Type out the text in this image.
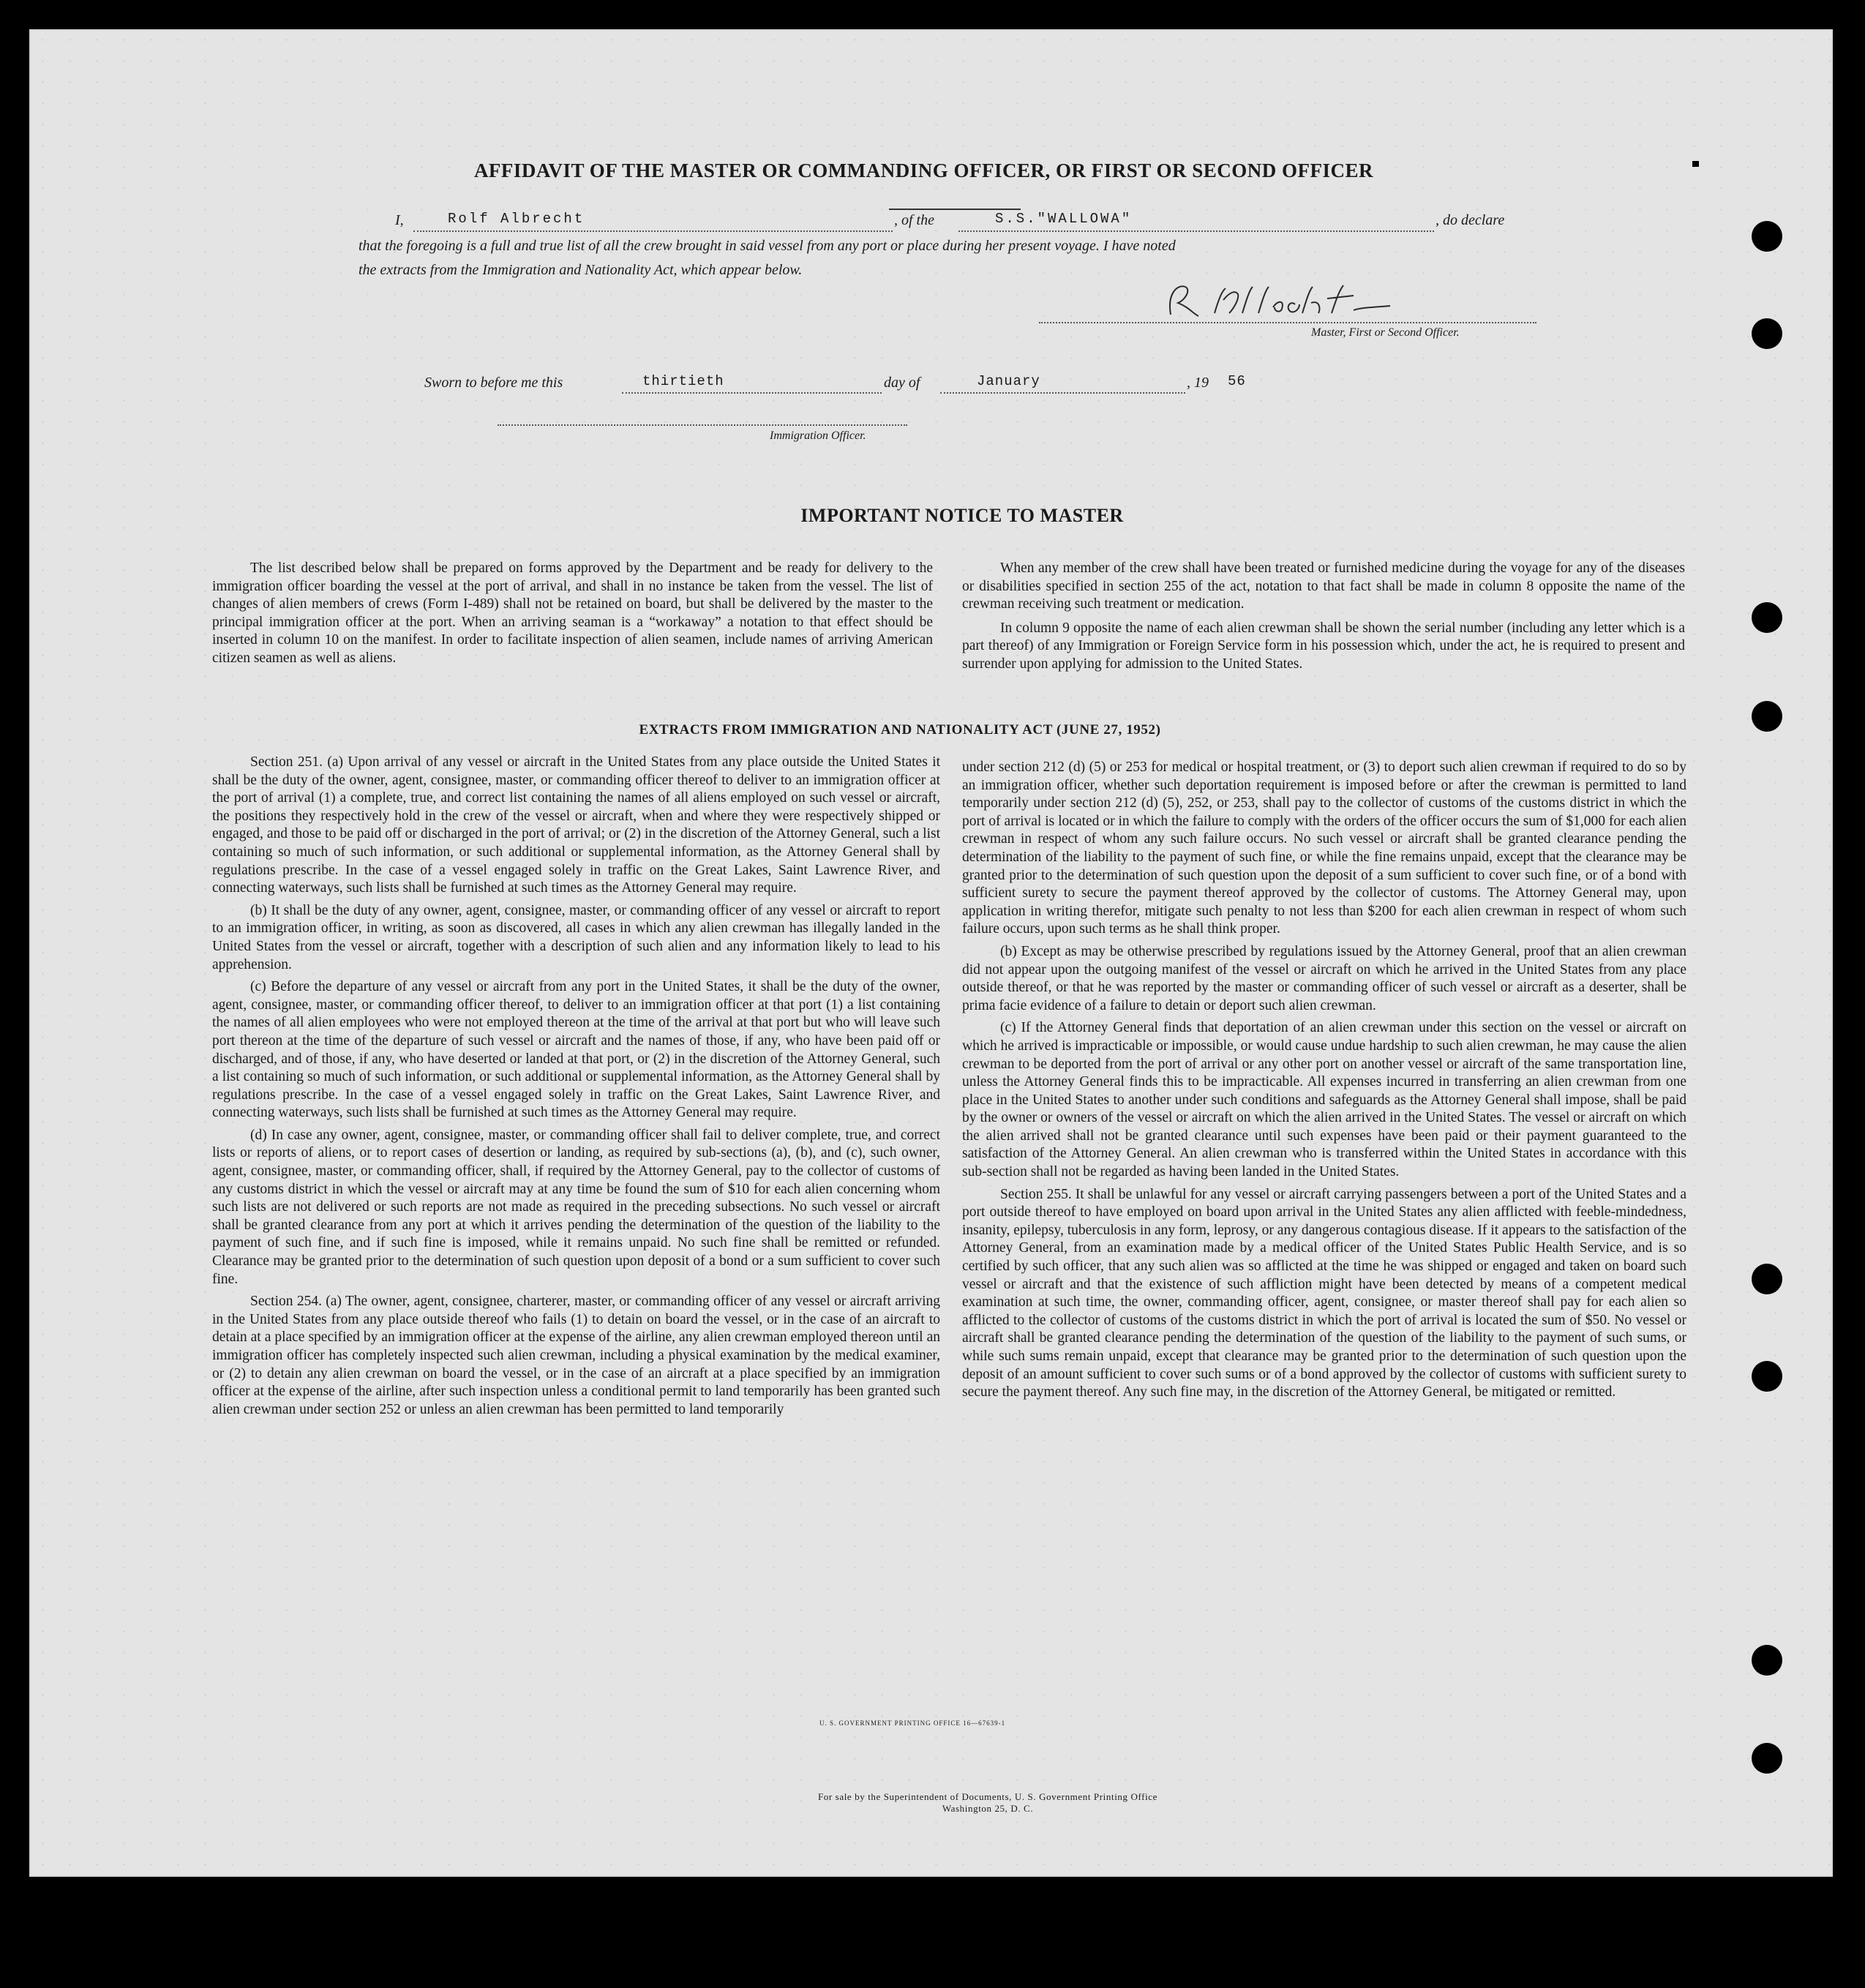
AFFIDAVIT OF THE MASTER OR COMMANDING OFFICER, OR FIRST OR SECOND OFFICER
I,	Rolf Albrecht	, of the	S.S."WALLOWA"	, do declare
that the foregoing is a full and true list of all the crew brought in said vessel from any port or place during her present voyage. I have noted
the extracts from the Immigration and Nationality Act, which appear below.
Master, First or Second Officer.
Sworn to before me this	thirtieth	day of	January	, 19 56
Immigration Officer.
IMPORTANT NOTICE TO MASTER

The list described below shall be prepared on forms approved by the Department and be ready for delivery to the immigration officer boarding the vessel at the port of arrival, and shall in no instance be taken from the vessel. The list of changes of alien members of crews (Form I-489) shall not be retained on board, but shall be delivered by the master to the principal immigration officer at the port. When an arriving seaman is a “workaway” a notation to that effect should be inserted in column 10 on the manifest. In order to facilitate inspection of alien seamen, include names of arriving American citizen seamen as well as aliens.

When any member of the crew shall have been treated or furnished medicine during the voyage for any of the diseases or disabilities specified in section 255 of the act, notation to that fact shall be made in column 8 opposite the name of the crewman receiving such treatment or medication.

In column 9 opposite the name of each alien crewman shall be shown the serial number (including any letter which is a part thereof) of any Immigration or Foreign Service form in his possession which, under the act, he is required to present and surrender upon applying for admission to the United States.

EXTRACTS FROM IMMIGRATION AND NATIONALITY ACT (JUNE 27, 1952)

Section 251. (a) Upon arrival of any vessel or aircraft in the United States from any place outside the United States it shall be the duty of the owner, agent, consignee, master, or commanding officer thereof to deliver to an immigration officer at the port of arrival (1) a complete, true, and correct list containing the names of all aliens employed on such vessel or aircraft, the positions they respectively hold in the crew of the vessel or aircraft, when and where they were respectively shipped or engaged, and those to be paid off or discharged in the port of arrival; or (2) in the discretion of the Attorney General, such a list containing so much of such information, or such additional or supplemental information, as the Attorney General shall by regulations prescribe. In the case of a vessel engaged solely in traffic on the Great Lakes, Saint Lawrence River, and connecting waterways, such lists shall be furnished at such times as the Attorney General may require.

(b) It shall be the duty of any owner, agent, consignee, master, or commanding officer of any vessel or aircraft to report to an immigration officer, in writing, as soon as discovered, all cases in which any alien crewman has illegally landed in the United States from the vessel or aircraft, together with a description of such alien and any information likely to lead to his apprehension.

(c) Before the departure of any vessel or aircraft from any port in the United States, it shall be the duty of the owner, agent, consignee, master, or commanding officer thereof, to deliver to an immigration officer at that port (1) a list containing the names of all alien employees who were not employed thereon at the time of the arrival at that port but who will leave such port thereon at the time of the departure of such vessel or aircraft and the names of those, if any, who have been paid off or discharged, and of those, if any, who have deserted or landed at that port, or (2) in the discretion of the Attorney General, such a list containing so much of such information, or such additional or supplemental information, as the Attorney General shall by regulations prescribe. In the case of a vessel engaged solely in traffic on the Great Lakes, Saint Lawrence River, and connecting waterways, such lists shall be furnished at such times as the Attorney General may require.

(d) In case any owner, agent, consignee, master, or commanding officer shall fail to deliver complete, true, and correct lists or reports of aliens, or to report cases of desertion or landing, as required by sub-sections (a), (b), and (c), such owner, agent, consignee, master, or commanding officer, shall, if required by the Attorney General, pay to the collector of customs of any customs district in which the vessel or aircraft may at any time be found the sum of $10 for each alien concerning whom such lists are not delivered or such reports are not made as required in the preceding subsections. No such vessel or aircraft shall be granted clearance from any port at which it arrives pending the determination of the question of the liability to the payment of such fine, and if such fine is imposed, while it remains unpaid. No such fine shall be remitted or refunded. Clearance may be granted prior to the determination of such question upon deposit of a bond or a sum sufficient to cover such fine.

Section 254. (a) The owner, agent, consignee, charterer, master, or commanding officer of any vessel or aircraft arriving in the United States from any place outside thereof who fails (1) to detain on board the vessel, or in the case of an aircraft to detain at a place specified by an immigration officer at the expense of the airline, any alien crewman employed thereon until an immigration officer has completely inspected such alien crewman, including a physical examination by the medical examiner, or (2) to detain any alien crewman on board the vessel, or in the case of an aircraft at a place specified by an immigration officer at the expense of the airline, after such inspection unless a conditional permit to land temporarily has been granted such alien crewman under section 252 or unless an alien crewman has been permitted to land temporarily

under section 212 (d) (5) or 253 for medical or hospital treatment, or (3) to deport such alien crewman if required to do so by an immigration officer, whether such deportation requirement is imposed before or after the crewman is permitted to land temporarily under section 212 (d) (5), 252, or 253, shall pay to the collector of customs of the customs district in which the port of arrival is located or in which the failure to comply with the orders of the officer occurs the sum of $1,000 for each alien crewman in respect of whom any such failure occurs. No such vessel or aircraft shall be granted clearance pending the determination of the liability to the payment of such fine, or while the fine remains unpaid, except that the clearance may be granted prior to the determination of such question upon the deposit of a sum sufficient to cover such fine, or of a bond with sufficient surety to secure the payment thereof approved by the collector of customs. The Attorney General may, upon application in writing therefor, mitigate such penalty to not less than $200 for each alien crewman in respect of whom such failure occurs, upon such terms as he shall think proper.

(b) Except as may be otherwise prescribed by regulations issued by the Attorney General, proof that an alien crewman did not appear upon the outgoing manifest of the vessel or aircraft on which he arrived in the United States from any place outside thereof, or that he was reported by the master or commanding officer of such vessel or aircraft as a deserter, shall be prima facie evidence of a failure to detain or deport such alien crewman.

(c) If the Attorney General finds that deportation of an alien crewman under this section on the vessel or aircraft on which he arrived is impracticable or impossible, or would cause undue hardship to such alien crewman, he may cause the alien crewman to be deported from the port of arrival or any other port on another vessel or aircraft of the same transportation line, unless the Attorney General finds this to be impracticable. All expenses incurred in transferring an alien crewman from one place in the United States to another under such conditions and safeguards as the Attorney General shall impose, shall be paid by the owner or owners of the vessel or aircraft on which the alien arrived in the United States. The vessel or aircraft on which the alien arrived shall not be granted clearance until such expenses have been paid or their payment guaranteed to the satisfaction of the Attorney General. An alien crewman who is transferred within the United States in accordance with this sub-section shall not be regarded as having been landed in the United States.

Section 255. It shall be unlawful for any vessel or aircraft carrying passengers between a port of the United States and a port outside thereof to have employed on board upon arrival in the United States any alien afflicted with feeble-mindedness, insanity, epilepsy, tuberculosis in any form, leprosy, or any dangerous contagious disease. If it appears to the satisfaction of the Attorney General, from an examination made by a medical officer of the United States Public Health Service, and is so certified by such officer, that any such alien was so afflicted at the time he was shipped or engaged and taken on board such vessel or aircraft and that the existence of such affliction might have been detected by means of a competent medical examination at such time, the owner, commanding officer, agent, consignee, or master thereof shall pay for each alien so afflicted to the collector of customs of the customs district in which the port of arrival is located the sum of $50. No vessel or aircraft shall be granted clearance pending the determination of the question of the liability to the payment of such sums, or while such sums remain unpaid, except that clearance may be granted prior to the determination of such question upon the deposit of an amount sufficient to cover such sums or of a bond approved by the collector of customs with sufficient surety to secure the payment thereof. Any such fine may, in the discretion of the Attorney General, be mitigated or remitted.

U. S. GOVERNMENT PRINTING OFFICE 16—67639-1
For sale by the Superintendent of Documents, U. S. Government Printing Office
Washington 25, D. C.
